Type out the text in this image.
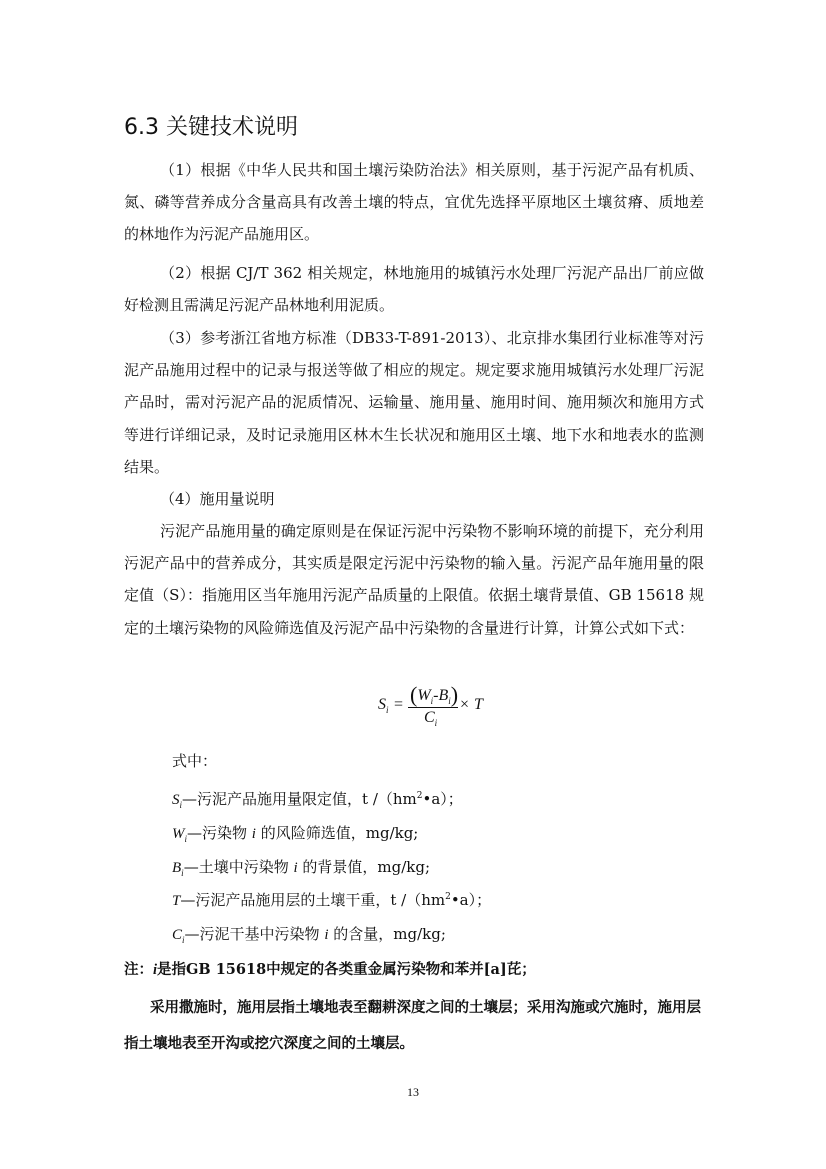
6.3 关键技术说明

（1）根据《中华人民共和国土壤污染防治法》相关原则，基于污泥产品有机质、氮、磷等营养成分含量高具有改善土壤的特点，宜优先选择平原地区土壤贫瘠、质地差的林地作为污泥产品施用区。

（2）根据 CJ/T 362 相关规定，林地施用的城镇污水处理厂污泥产品出厂前应做好检测且需满足污泥产品林地利用泥质。

（3）参考浙江省地方标准（DB33-T-891-2013）、北京排水集团行业标准等对污泥产品施用过程中的记录与报送等做了相应的规定。规定要求施用城镇污水处理厂污泥产品时，需对污泥产品的泥质情况、运输量、施用量、施用时间、施用频次和施用方式等进行详细记录，及时记录施用区林木生长状况和施用区土壤、地下水和地表水的监测结果。

（4）施用量说明

污泥产品施用量的确定原则是在保证污泥中污染物不影响环境的前提下，充分利用污泥产品中的营养成分，其实质是限定污泥中污染物的输入量。污泥产品年施用量的限定值（S）：指施用区当年施用污泥产品质量的上限值。依据土壤背景值、GB 15618 规定的土壤污染物的风险筛选值及污泥产品中污染物的含量进行计算，计算公式如下式：

$S_i = (W_i-B_i)$
$C_i$
× T
式中：
$S_i—$污泥产品施用量限定值，t $/(hm^2•a)$；
$W_i—$污染物 i 的风险筛选值，mg/kg;
$B_i—$土壤中污染物 i 的背景值，mg/kg;
T—污泥产品施用层的土壤干重，t $/(hm^2•a)$；
$C_i—$污泥干基中污染物 i 的含量，mg/kg;
注：i是指GB 15618中规定的各类重金属污染物和苯并[a]芘；
采用撒施时，施用层指土壤地表至翻耕深度之间的土壤层；采用沟施或穴施时，施用层指土壤地表至开沟或挖穴深度之间的土壤层。
13
